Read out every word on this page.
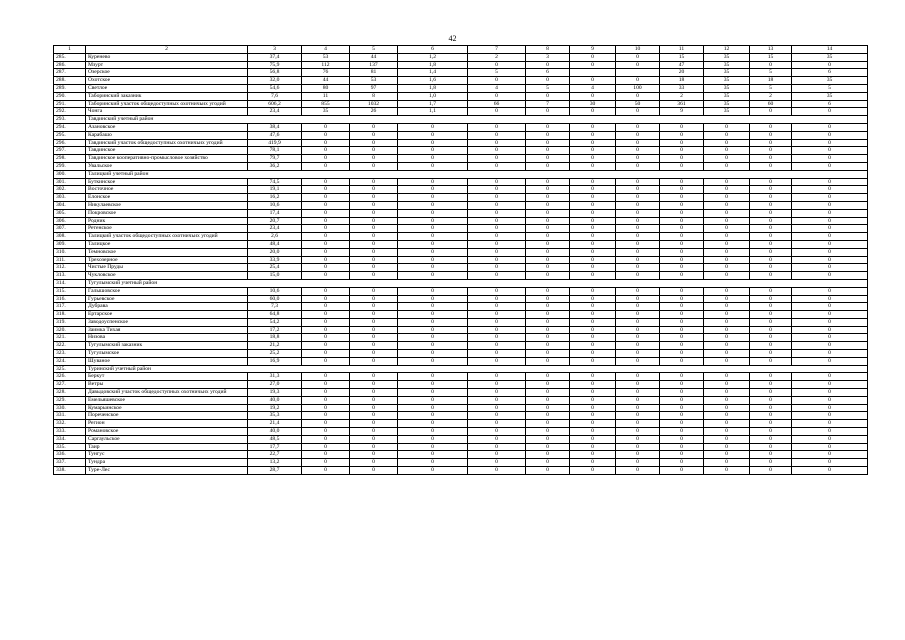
42
1	2	3	4	5	6	7	8	9	10	11	12	13	14
285.	Куренево	37,4	53	44	1,2	2	3	0	0	15	35	15	35
286.	Мзурт	75,9	112	137	1,8	0	0	0	0	47	35	0	0
287.	Озерское	56,8	76	81	1,4	5	6			20	35	5	6
288.	Охотское	32,0	44	53	1,6	0	0	0	0	18	35	18	35
289.	Светлое	54,6	80	97	1,8	4	5	4	100	33	35	5	5
290.	Таборинский заказник	7,6	11	8	1,0	0	0	0	0	2	35	2	35
291.	Таборинский участок общедоступных охотничьих угодий	606,2	855	1032	1,7	66	7	30	50	361	35	60	6
292.	Чонга	23,4	35	26	1,1	0	0	0	0	9	35	0	0
293.	Тавдинский учетный район												
294.	Азановское	38,4	0	0	0	0	0	0	0	0	0	0	0
295.	Карабашо	47,6	0	0	0	0	0	0	0	0	0	0	0
296.	Тавдинский участок общедоступных охотничьих угодий	419,9	0	0	0	0	0	0	0	0	0	0	0
297.	Тавдинское	78,1	0	0	0	0	0	0	0	0	0	0	0
298.	Тавдинское кооперативно-промысловое хозяйство	79,7	0	0	0	0	0	0	0	0	0	0	0
299.	Увальское	36,2	0	0	0	0	0	0	0	0	0	0	0
300.	Талицкий учетный район												
301.	Буткинское	74,5	0	0	0	0	0	0	0	0	0	0	0
302.	Восточное	19,1	0	0	0	0	0	0	0	0	0	0	0
303.	Елонское	16,2	0	0	0	0	0	0	0	0	0	0	0
304.	Никулаевское	10,6	0	0	0	0	0	0	0	0	0	0	0
305.	Покровское	17,4	0	0	0	0	0	0	0	0	0	0	0
306.	Родник	20,7	0	0	0	0	0	0	0	0	0	0	0
307.	Ретенское	23,4	0	0	0	0	0	0	0	0	0	0	0
308.	Талицкий участок общедоступных охотничьих угодий	2,6	0	0	0	0	0	0	0	0	0	0	0
309.	Талицкое	48,4	0	0	0	0	0	0	0	0	0	0	0
310.	Темновское	20,0	0	0	0	0	0	0	0	0	0	0	0
311.	Трехозерное	33,9	0	0	0	0	0	0	0	0	0	0	0
312.	Чистые Пруды	25,4	0	0	0	0	0	0	0	0	0	0	0
313.	Чукловское	15,0	0	0	0	0	0	0	0	0	0	0	0
314.	Тугулымский учетный район												
315.	Галышовское	10,6	0	0	0	0	0	0	0	0	0	0	0
316.	Гурьевское	60,0	0	0	0	0	0	0	0	0	0	0	0
317.	Дубрава	7,3	0	0	0	0	0	0	0	0	0	0	0
318.	Ертарское	64,8	0	0	0	0	0	0	0	0	0	0	0
319.	Заводоуспенское	54,2	0	0	0	0	0	0	0	0	0	0	0
320.	Заимка Тихая	17,2	0	0	0	0	0	0	0	0	0	0	0
321.	Низова	18,8	0	0	0	0	0	0	0	0	0	0	0
322.	Тугулымский заказник	21,2	0	0	0	0	0	0	0	0	0	0	0
323.	Тугулымское	25,2	0	0	0	0	0	0	0	0	0	0	0
324.	Шуваное	16,9	0	0	0	0	0	0	0	0	0	0	0
325.	Туринский учетный район												
326.	Беркут	31,3	0	0	0	0	0	0	0	0	0	0	0
327.	Ветры	27,0	0	0	0	0	0	0	0	0	0	0	0
328.	Давыдовский участок общедоступных охотничьих угодий	19,3	0	0	0	0	0	0	0	0	0	0	0
329.	Емельяшевское	40,0	0	0	0	0	0	0	0	0	0	0	0
330.	Кумарьинское	19,2	0	0	0	0	0	0	0	0	0	0	0
331.	Пореченское	35,3	0	0	0	0	0	0	0	0	0	0	0
332.	Регион	21,4	0	0	0	0	0	0	0	0	0	0	0
333.	Романовское	40,0	0	0	0	0	0	0	0	0	0	0	0
334.	Саргаульское	48,5	0	0	0	0	0	0	0	0	0	0	0
335.	Таир	17,7	0	0	0	0	0	0	0	0	0	0	0
336.	Тунгус	22,7	0	0	0	0	0	0	0	0	0	0	0
337.	Тундра	13,2	0	0	0	0	0	0	0	0	0	0	0
338.	Туре-Лес	28,7	0	0	0	0	0	0	0	0	0	0	0
